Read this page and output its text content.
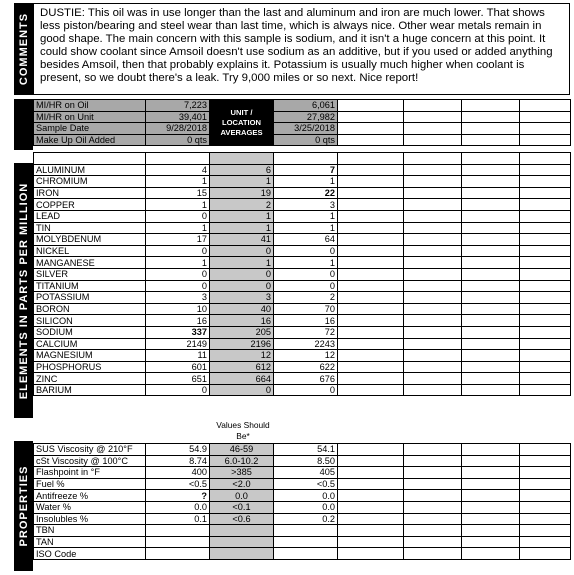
COMMENTS DUSTIE: This oil was in use longer than the last and aluminum and iron are much lower. That shows less piston/bearing and steel wear than last time, which is always nice. Other wear metals remain in good shape. The main concern with this sample is sodium, and it isn't a huge concern at this point. It could show coolant since Amsoil doesn't use sodium as an additive, but if you used or added anything besides Amsoil, then that probably explains it. Potassium is usually much higher when coolant is present, so we doubt there's a leak. Try 9,000 miles or so next. Nice report!
ELEMENTS IN PARTS PER MILLION
PROPERTIES
MI/HR on Oil	7,223	UNIT / LOCATION AVERAGES	6,061				
MI/HR on Unit	39,401		27,982				
Sample Date	9/28/2018		3/25/2018				
Make Up Oil Added	0 qts		0 qts				

ALUMINUM	4	6	7				
CHROMIUM	1	1	1				
IRON	15	19	22				
COPPER	1	2	3				
LEAD	0	1	1				
TIN	1	1	1				
MOLYBDENUM	17	41	64				
NICKEL	0	0	0				
MANGANESE	1	1	1				
SILVER	0	0	0				
TITANIUM	0	0	0				
POTASSIUM	3	3	2				
BORON	10	40	70				
SILICON	16	16	16				
SODIUM	337	205	72				
CALCIUM	2149	2196	2243				
MAGNESIUM	11	12	12				
PHOSPHORUS	601	612	622				
ZINC	651	664	676				
BARIUM	0	0	0				
Values Should Be*
SUS Viscosity @ 210°F	54.9	46-59	54.1				
cSt Viscosity @ 100°C	8.74	6.0-10.2	8.50				
Flashpoint in °F	400	>385	405				
Fuel %	<0.5	<2.0	<0.5				
Antifreeze %	?	0.0	0.0				
Water %	0.0	<0.1	0.0				
Insolubles %	0.1	<0.6	0.2				
TBN							
TAN							
ISO Code							
